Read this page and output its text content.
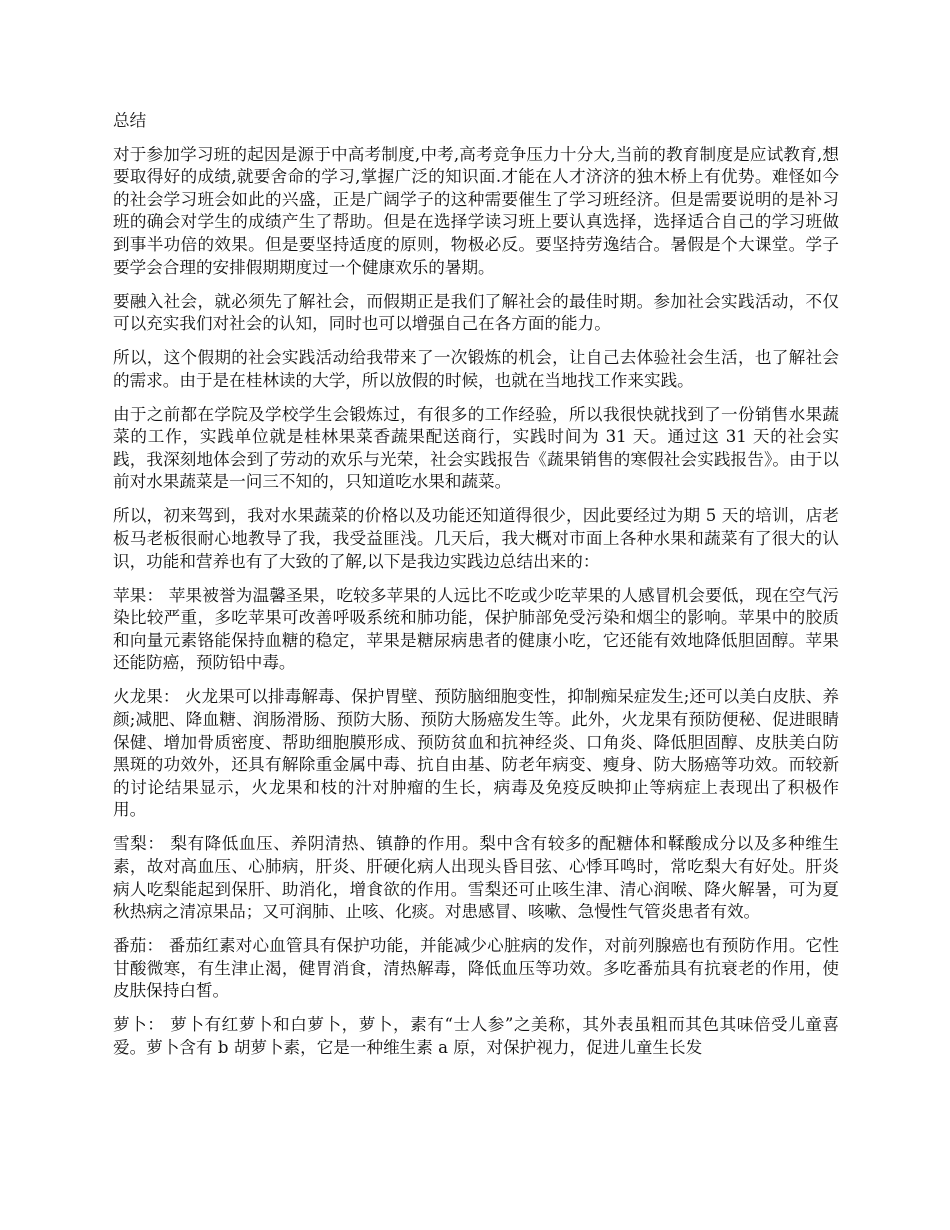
总结

对于参加学习班的起因是源于中高考制度,中考,高考竞争压力十分大,当前的教育制度是应试教育,想要取得好的成绩,就要舍命的学习,掌握广泛的知识面.才能在人才济济的独木桥上有优势。难怪如今的社会学习班会如此的兴盛，正是广阔学子的这种需要催生了学习班经济。但是需要说明的是补习班的确会对学生的成绩产生了帮助。但是在选择学读习班上要认真选择，选择适合自己的学习班做到事半功倍的效果。但是要坚持适度的原则，物极必反。要坚持劳逸结合。暑假是个大课堂。学子要学会合理的安排假期期度过一个健康欢乐的暑期。

要融入社会，就必须先了解社会，而假期正是我们了解社会的最佳时期。参加社会实践活动，不仅可以充实我们对社会的认知，同时也可以增强自己在各方面的能力。

所以，这个假期的社会实践活动给我带来了一次锻炼的机会，让自己去体验社会生活，也了解社会的需求。由于是在桂林读的大学，所以放假的时候，也就在当地找工作来实践。

由于之前都在学院及学校学生会锻炼过，有很多的工作经验，所以我很快就找到了一份销售水果蔬菜的工作，实践单位就是桂林果菜香蔬果配送商行，实践时间为 31 天。通过这 31 天的社会实践，我深刻地体会到了劳动的欢乐与光荣，社会实践报告《蔬果销售的寒假社会实践报告》。由于以前对水果蔬菜是一问三不知的，只知道吃水果和蔬菜。

所以，初来驾到，我对水果蔬菜的价格以及功能还知道得很少，因此要经过为期 5 天的培训，店老板马老板很耐心地教导了我，我受益匪浅。几天后，我大概对市面上各种水果和蔬菜有了很大的认识，功能和营养也有了大致的了解,以下是我边实践边总结出来的：

苹果： 苹果被誉为温馨圣果，吃较多苹果的人远比不吃或少吃苹果的人感冒机会要低，现在空气污染比较严重，多吃苹果可改善呼吸系统和肺功能，保护肺部免受污染和烟尘的影响。苹果中的胶质和向量元素铬能保持血糖的稳定，苹果是糖尿病患者的健康小吃，它还能有效地降低胆固醇。苹果还能防癌，预防铅中毒。

火龙果： 火龙果可以排毒解毒、保护胃壁、预防脑细胞变性，抑制痴呆症发生;还可以美白皮肤、养颜;减肥、降血糖、润肠滑肠、预防大肠、预防大肠癌发生等。此外，火龙果有预防便秘、促进眼睛保健、增加骨质密度、帮助细胞膜形成、预防贫血和抗神经炎、口角炎、降低胆固醇、皮肤美白防黑斑的功效外，还具有解除重金属中毒、抗自由基、防老年病变、瘦身、防大肠癌等功效。而较新的讨论结果显示，火龙果和枝的汁对肿瘤的生长，病毒及免疫反映抑止等病症上表现出了积极作用。

雪梨： 梨有降低血压、养阴清热、镇静的作用。梨中含有较多的配糖体和鞣酸成分以及多种维生素，故对高血压、心肺病，肝炎、肝硬化病人出现头昏目弦、心悸耳鸣时，常吃梨大有好处。肝炎病人吃梨能起到保肝、助消化，增食欲的作用。雪梨还可止咳生津、清心润喉、降火解暑，可为夏秋热病之清凉果品；又可润肺、止咳、化痰。对患感冒、咳嗽、急慢性气管炎患者有效。

番茄： 番茄红素对心血管具有保护功能，并能减少心脏病的发作，对前列腺癌也有预防作用。它性甘酸微寒，有生津止渴，健胃消食，清热解毒，降低血压等功效。多吃番茄具有抗衰老的作用，使皮肤保持白皙。

萝卜： 萝卜有红萝卜和白萝卜，萝卜，素有“士人参”之美称，其外表虽粗而其色其味倍受儿童喜爱。萝卜含有 b 胡萝卜素，它是一种维生素 a 原，对保护视力，促进儿童生长发
